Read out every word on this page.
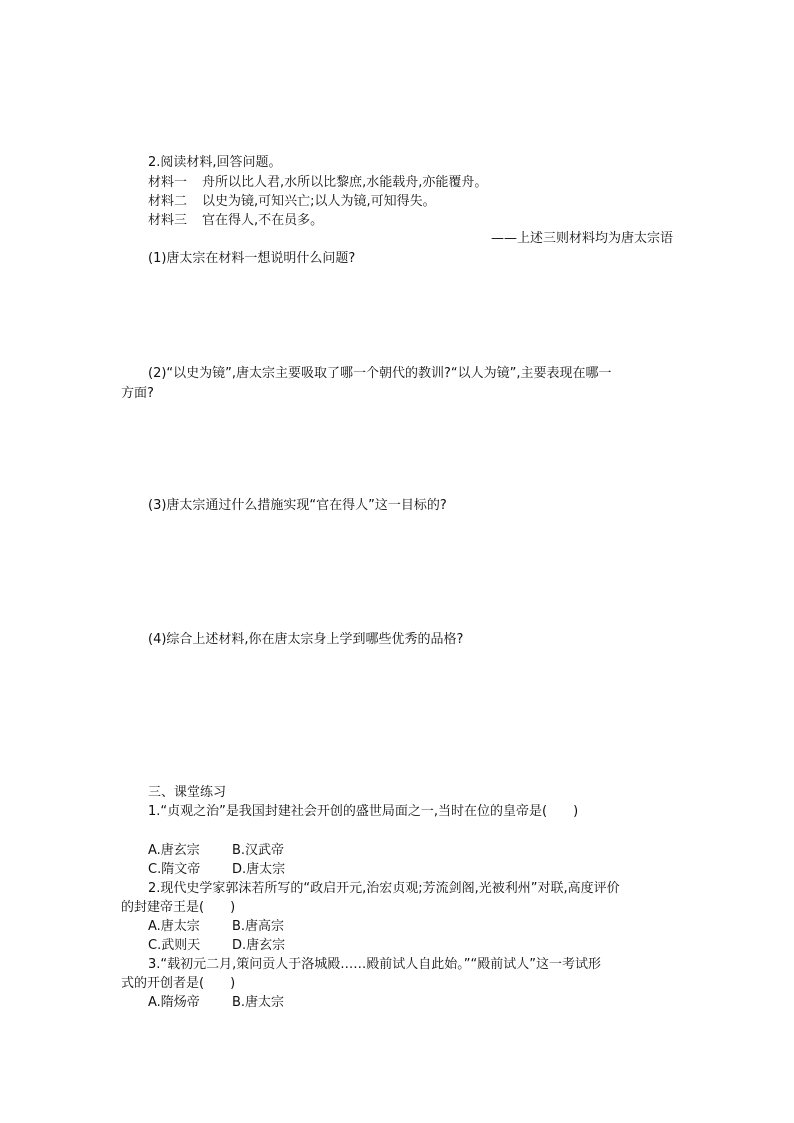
2.阅读材料,回答问题。
材料一 舟所以比人君,水所以比黎庶,水能载舟,亦能覆舟。
材料二 以史为镜,可知兴亡;以人为镜,可知得失。
材料三 官在得人,不在员多。
——上述三则材料均为唐太宗语
(1)唐太宗在材料一想说明什么问题?
(2)“以史为镜”,唐太宗主要吸取了哪一个朝代的教训?“以人为镜”,主要表现在哪一
方面?
(3)唐太宗通过什么措施实现“官在得人”这一目标的?
(4)综合上述材料,你在唐太宗身上学到哪些优秀的品格?
三、课堂练习
1.“贞观之治”是我国封建社会开创的盛世局面之一,当时在位的皇帝是(　　)
A.唐玄宗 B.汉武帝
C.隋文帝 D.唐太宗
2.现代史学家郭沫若所写的“政启开元,治宏贞观;芳流剑阁,光被利州”对联,高度评价
的封建帝王是(　　)
A.唐太宗 B.唐高宗
C.武则天 D.唐玄宗
3.“载初元二月,策问贡人于洛城殿……殿前试人自此始。”“殿前试人”这一考试形
式的开创者是(　　)
A.隋炀帝 B.唐太宗
